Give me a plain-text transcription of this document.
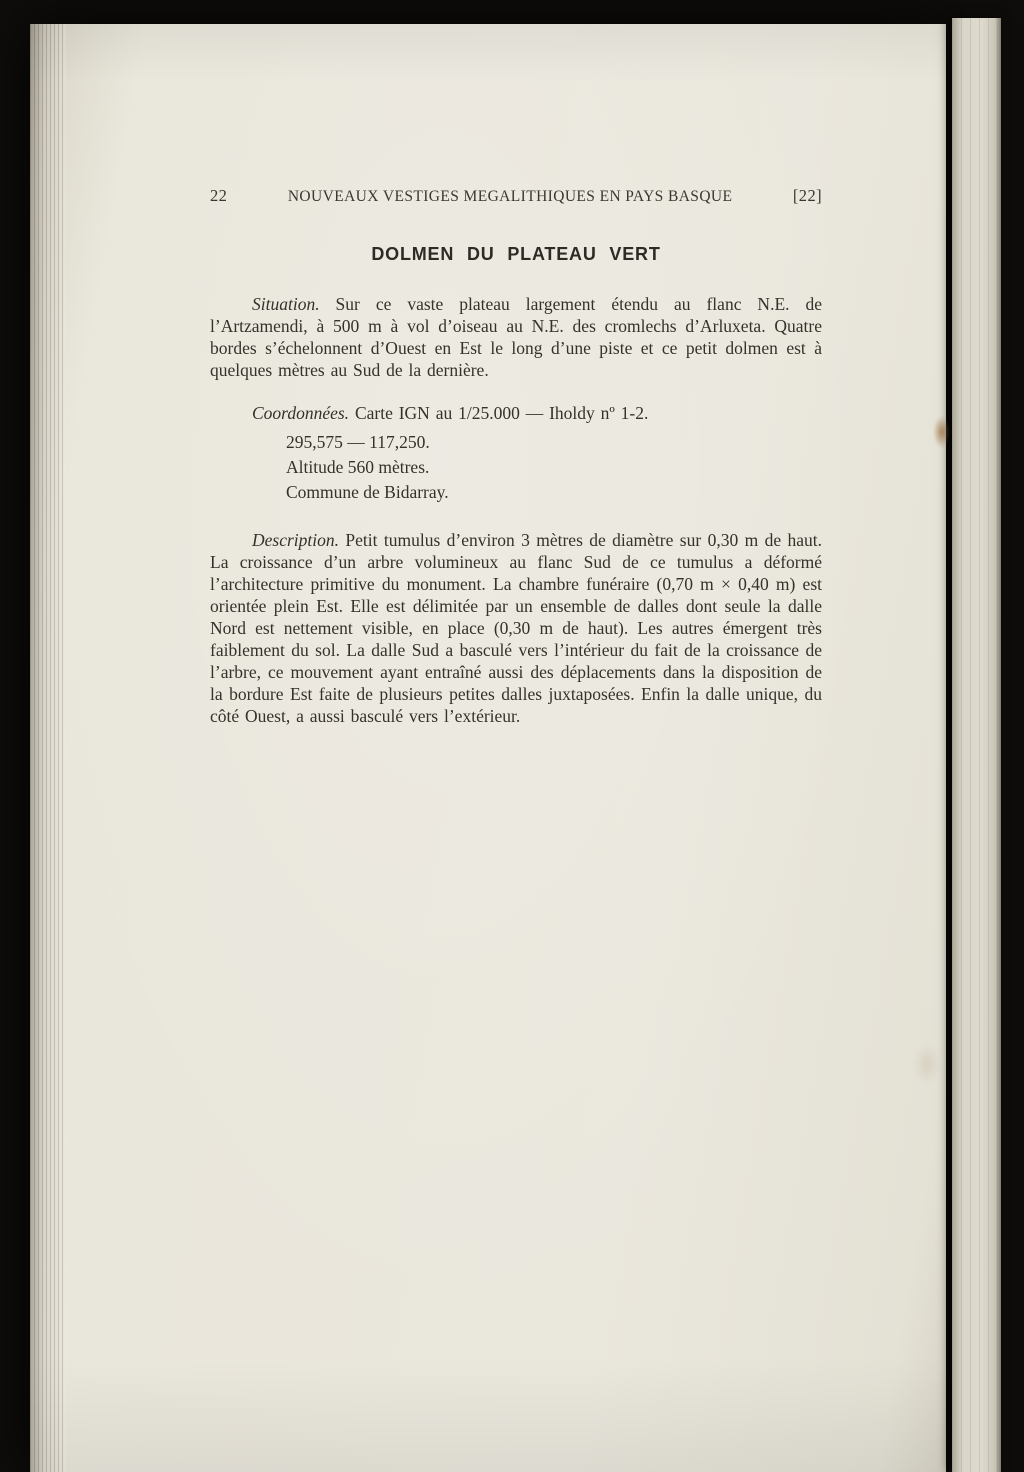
22	NOUVEAUX VESTIGES MEGALITHIQUES EN PAYS BASQUE	[22]
DOLMEN DU PLATEAU VERT

Situation. Sur ce vaste plateau largement étendu au flanc N.E. de l’Artzamendi, à 500 m à vol d’oiseau au N.E. des cromlechs d’Arluxeta. Quatre bordes s’échelonnent d’Ouest en Est le long d’une piste et ce petit dolmen est à quelques mètres au Sud de la dernière.

Coordonnées. Carte IGN au 1/25.000 — Iholdy nº 1-2.

295,575 — 117,250.
Altitude 560 mètres.
Commune de Bidarray.

Description. Petit tumulus d’environ 3 mètres de diamètre sur 0,30 m de haut. La croissance d’un arbre volumineux au flanc Sud de ce tumulus a déformé l’architecture primitive du monument. La chambre funéraire (0,70 m × 0,40 m) est orientée plein Est. Elle est délimitée par un ensemble de dalles dont seule la dalle Nord est nettement visible, en place (0,30 m de haut). Les autres émergent très faiblement du sol. La dalle Sud a basculé vers l’intérieur du fait de la croissance de l’arbre, ce mouvement ayant entraîné aussi des déplacements dans la disposition de la bordure Est faite de plusieurs petites dalles juxtaposées. Enfin la dalle unique, du côté Ouest, a aussi basculé vers l’extérieur.
